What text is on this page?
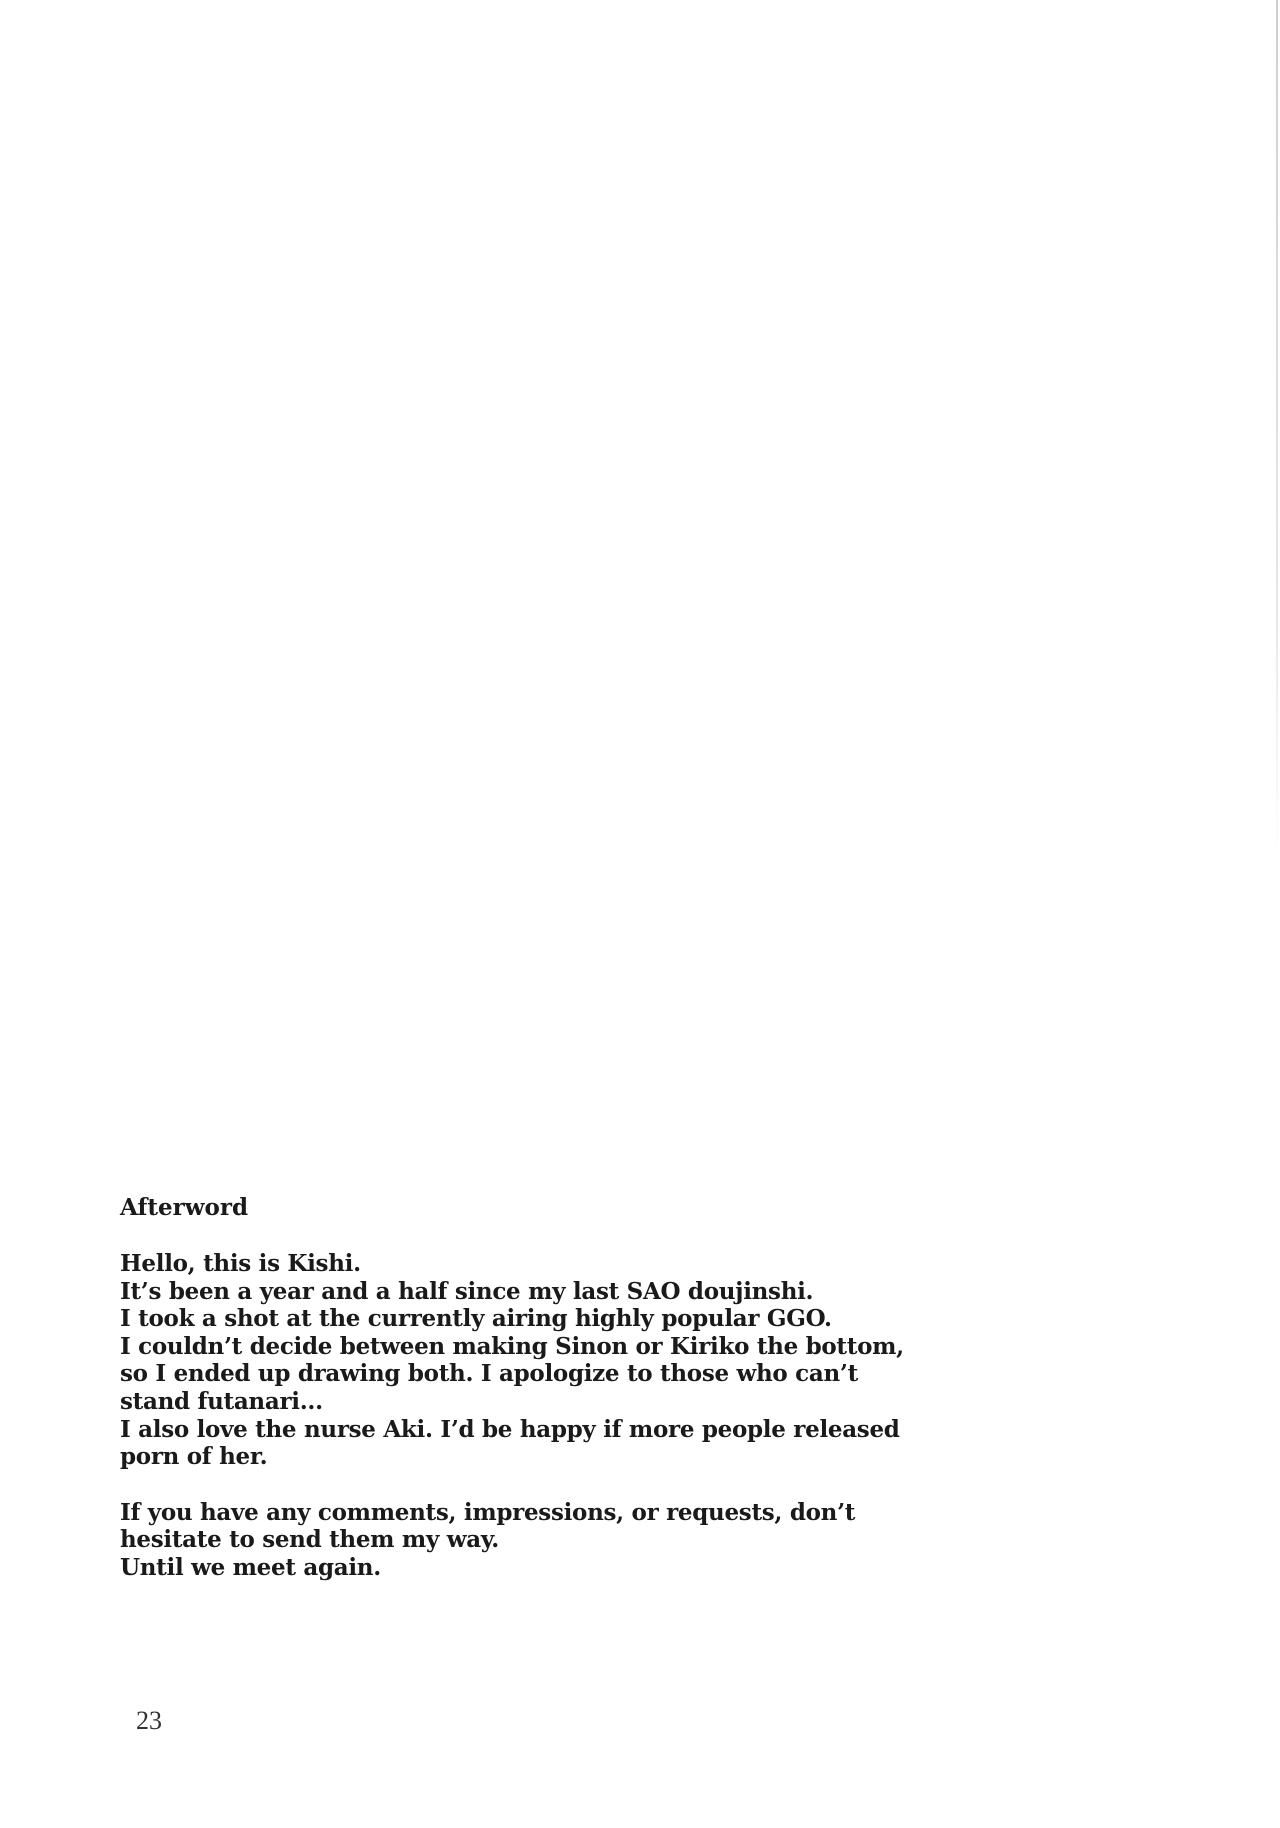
Afterword
Hello, this is Kishi.
It’s been a year and a half since my last SAO doujinshi.
I took a shot at the currently airing highly popular GGO.
I couldn’t decide between making Sinon or Kiriko the bottom,
so I ended up drawing both. I apologize to those who can’t
stand futanari...
I also love the nurse Aki. I’d be happy if more people released
porn of her.
If you have any comments, impressions, or requests, don’t
hesitate to send them my way.
Until we meet again.
23
